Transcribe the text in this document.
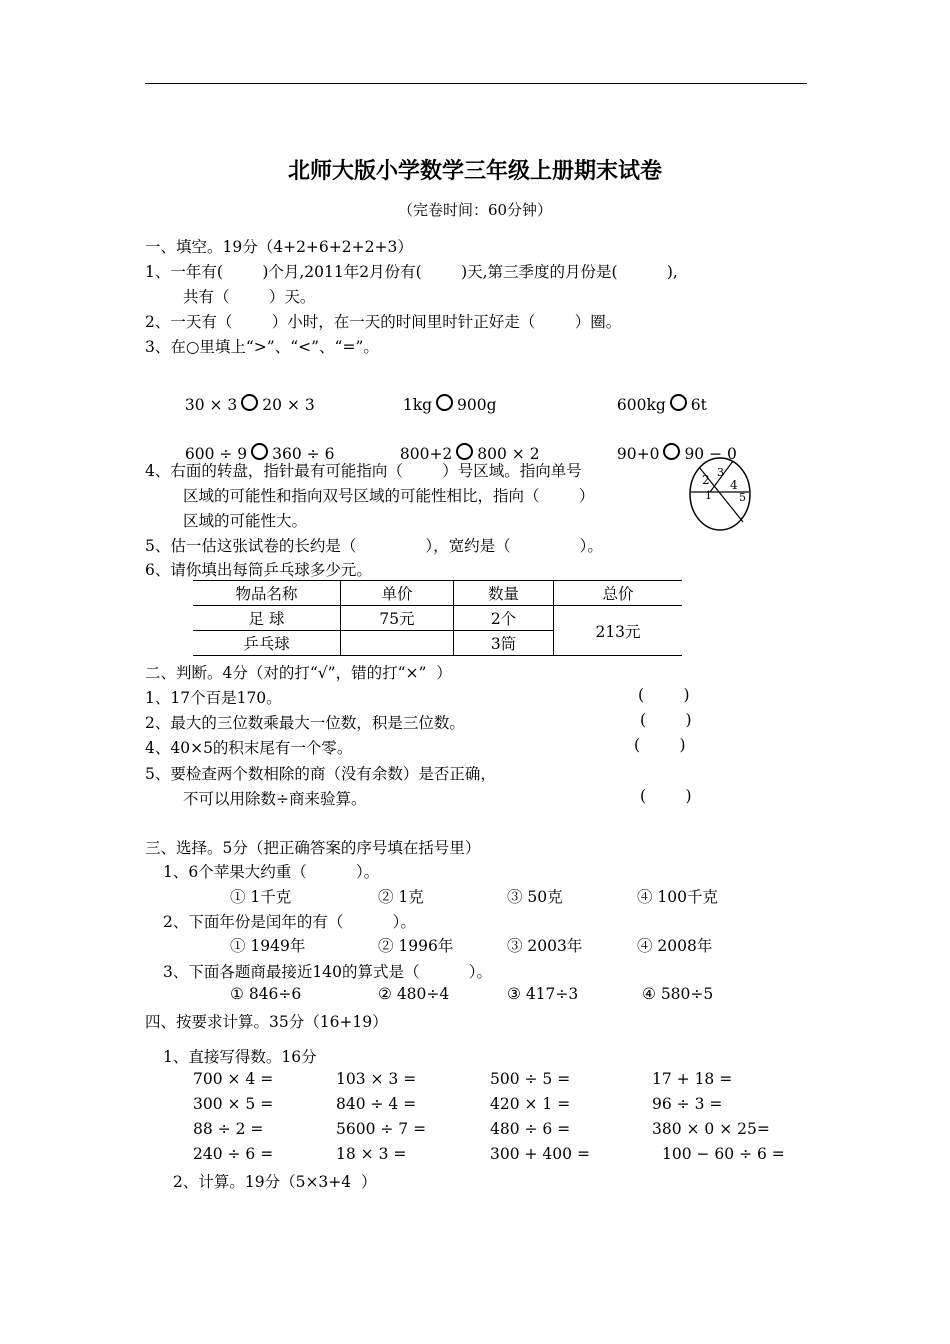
北师大版小学数学三年级上册期末试卷
（完卷时间：60分钟）
一、填空。19分（4+2+6+2+2+3）
1、一年有(        )个月,2011年2月份有(        )天,第三季度的月份是(          ),
共有（        ）天。
2、一天有（        ）小时，在一天的时间里时针正好走（        ）圈。
3、在○里填上“>”、“<”、“=”。

30 × 3 20 × 3	1kg 900g	600kg 6t

600 ÷ 9 360 ÷ 6	800+2 800 × 2	90+0 90 − 0

4、右面的转盘，指针最有可能指向（        ）号区域。指向单号
区域的可能性和指向双号区域的可能性相比，指向（        ）
区域的可能性大。
3
2 4
1 5
5、估一估这张试卷的长约是（              ），宽约是（              ）。
6、请你填出每筒乒乓球多少元。
物品名称	单价	数量	总价
足 球	75元	2个	213元
乒乓球		3筒	
二、判断。4分（对的打“√”，错的打“×”  ）
1、17个百是170。	(        )
2、最大的三位数乘最大一位数，积是三位数。	(        )
4、40×5的积末尾有一个零。	(        )
5、要检查两个数相除的商（没有余数）是否正确，
不可以用除数÷商来验算。	(        )
三、选择。5分（把正确答案的序号填在括号里）
1、6个苹果大约重（          ）。
① 1千克	② 1克	③ 50克	④ 100千克
2、下面年份是闰年的有（          ）。
① 1949年	② 1996年	③ 2003年	④ 2008年
3、下面各题商最接近140的算式是（          ）。
① 846÷6	② 480÷4	③ 417÷3	④ 580÷5
四、按要求计算。35分（16+19）
1、直接写得数。16分
700 × 4 =	103 × 3 =	500 ÷ 5 =	17 + 18 =
300 × 5 =	840 ÷ 4 =	420 × 1 =	96 ÷ 3 =
88 ÷ 2 =	5600 ÷ 7 =	480 ÷ 6 =	380 × 0 × 25=
240 ÷ 6 =	18 × 3 =	300 + 400 =	100 − 60 ÷ 6 =
2、计算。19分（5×3+4  ）
